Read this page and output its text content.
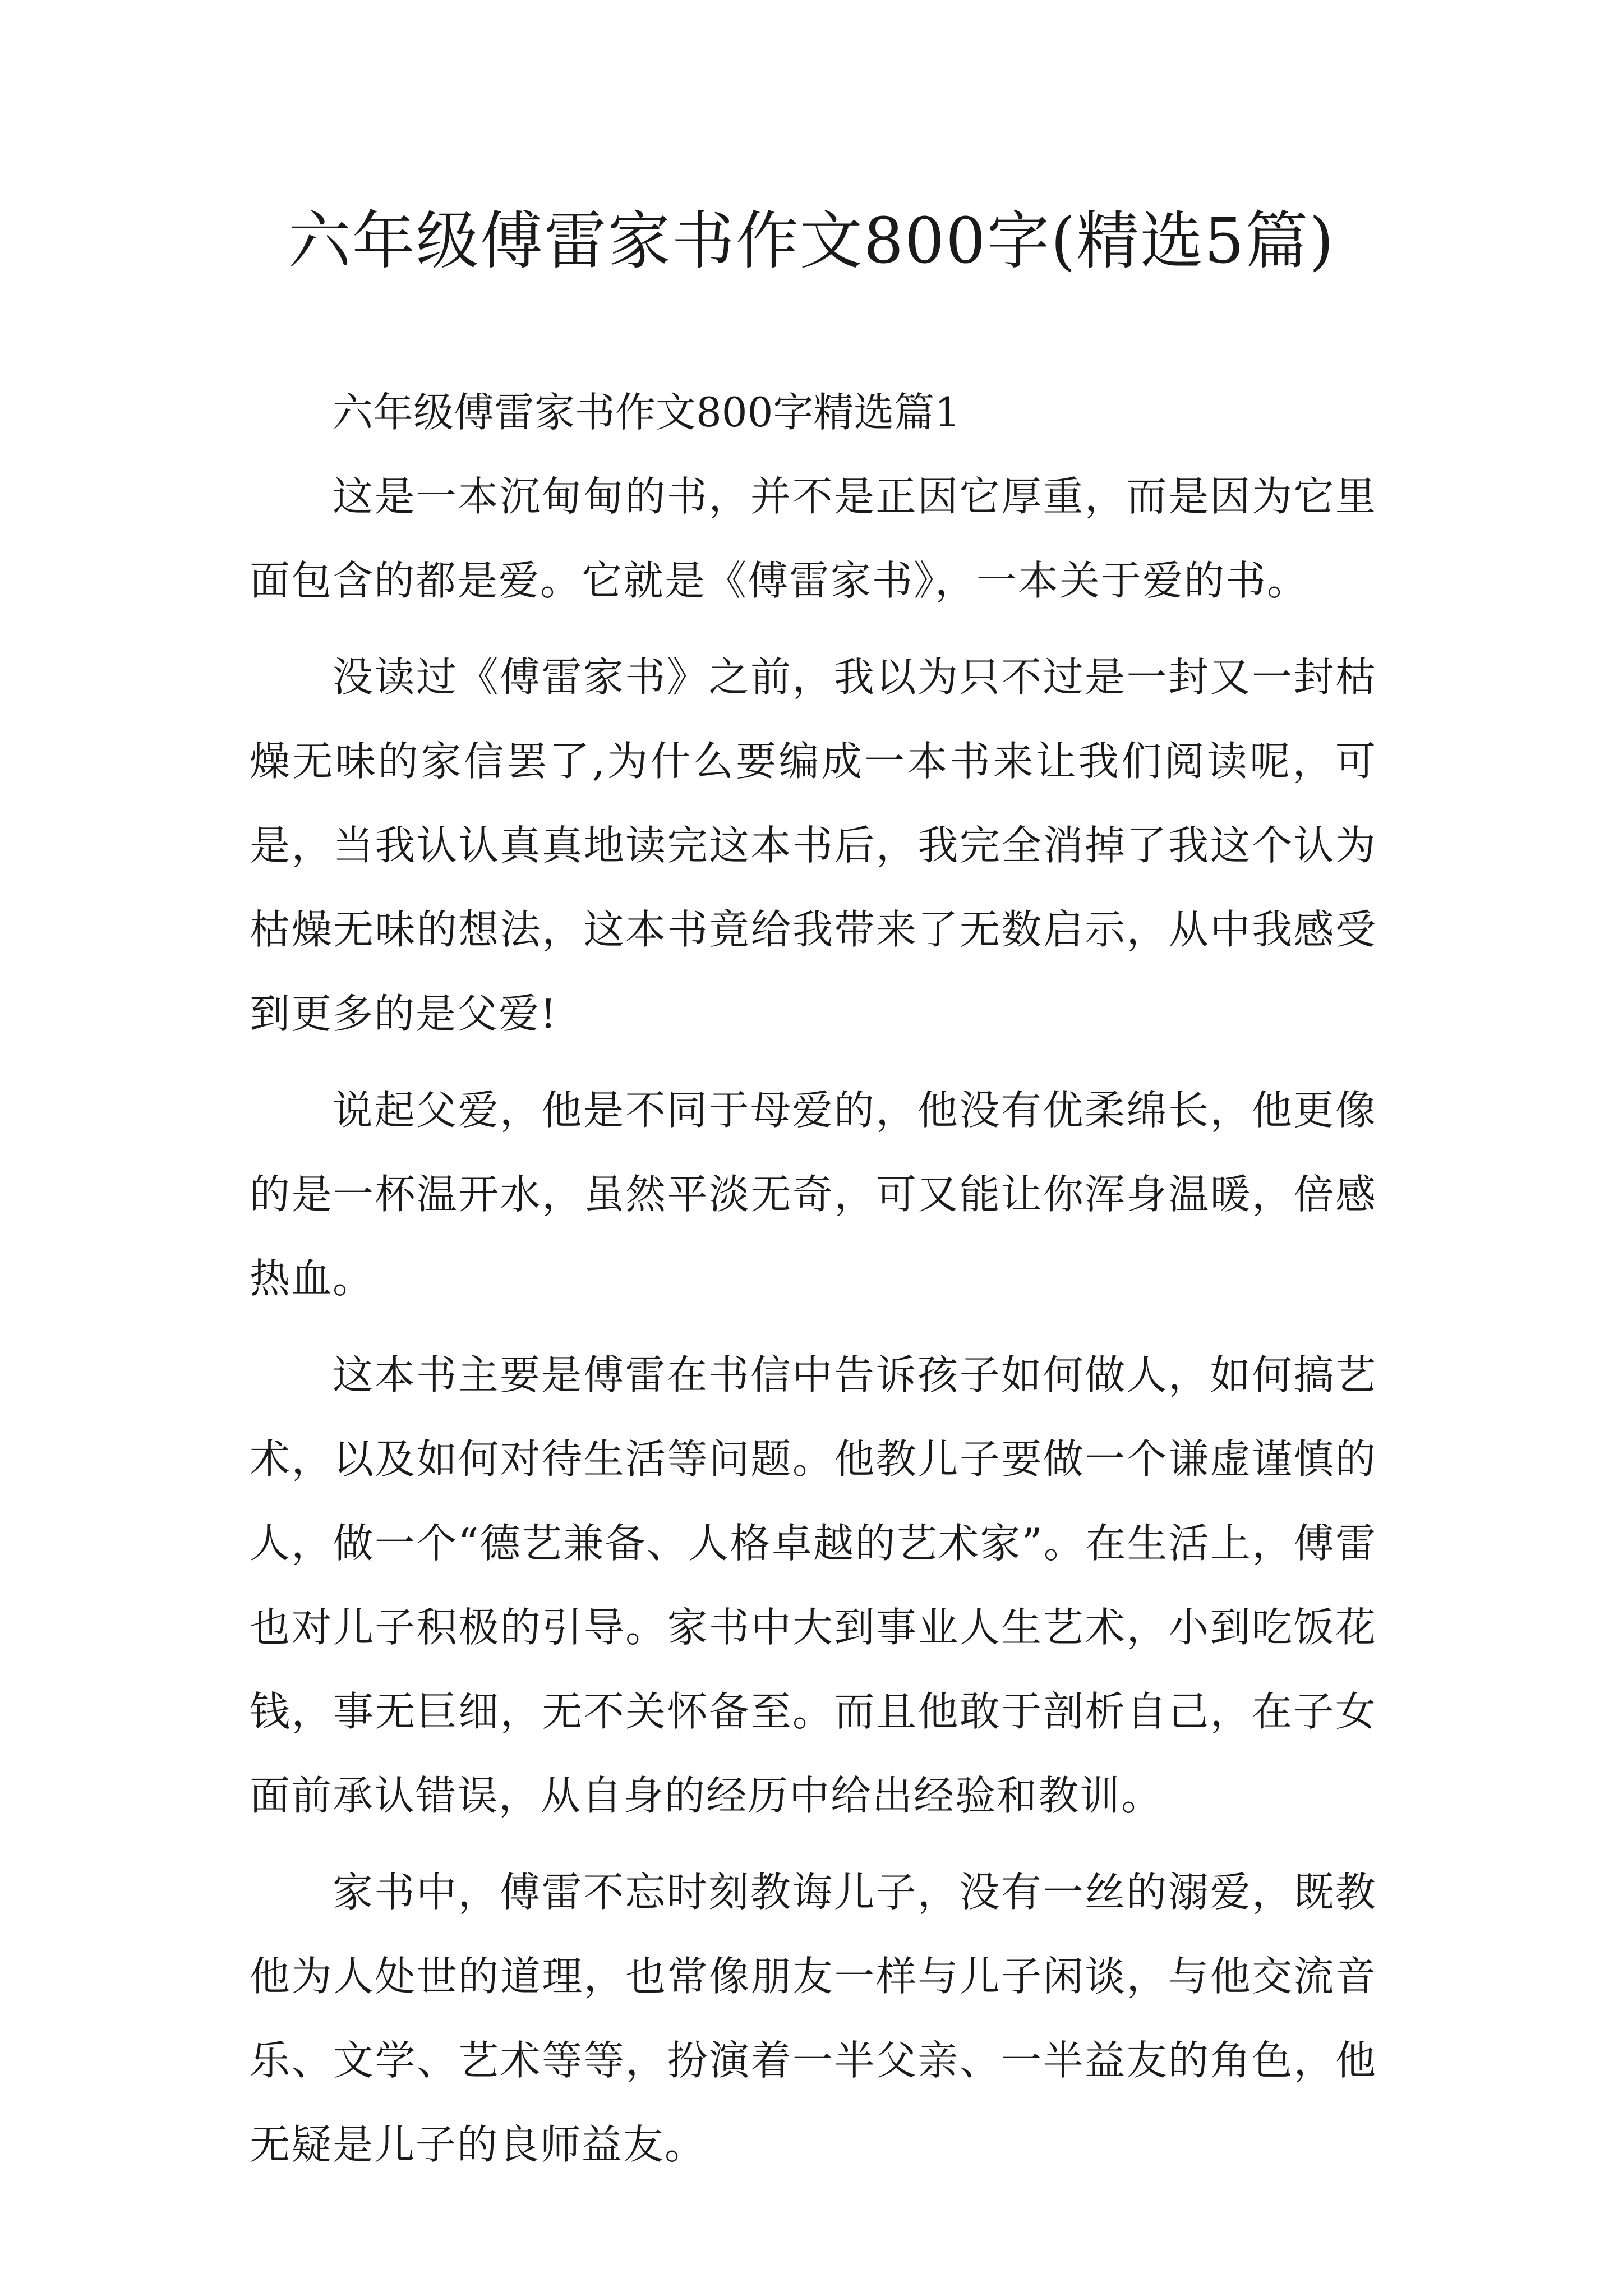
六年级傅雷家书作文800字(精选5篇)

六年级傅雷家书作文800字精选篇1

这是一本沉甸甸的书，并不是正因它厚重，而是因为它里面包含的都是爱。它就是《傅雷家书》，一本关于爱的书。

没读过《傅雷家书》之前，我以为只不过是一封又一封枯燥无味的家信罢了,为什么要编成一本书来让我们阅读呢，可是，当我认认真真地读完这本书后，我完全消掉了我这个认为枯燥无味的想法，这本书竟给我带来了无数启示，从中我感受到更多的是父爱!

说起父爱，他是不同于母爱的，他没有优柔绵长，他更像的是一杯温开水，虽然平淡无奇，可又能让你浑身温暖，倍感热血。

这本书主要是傅雷在书信中告诉孩子如何做人，如何搞艺术，以及如何对待生活等问题。他教儿子要做一个谦虚谨慎的人，做一个“德艺兼备、人格卓越的艺术家”。在生活上，傅雷也对儿子积极的引导。家书中大到事业人生艺术，小到吃饭花钱，事无巨细，无不关怀备至。而且他敢于剖析自己，在子女面前承认错误，从自身的经历中给出经验和教训。

家书中，傅雷不忘时刻教诲儿子，没有一丝的溺爱，既教他为人处世的道理，也常像朋友一样与儿子闲谈，与他交流音乐、文学、艺术等等，扮演着一半父亲、一半益友的角色，他无疑是儿子的良师益友。
